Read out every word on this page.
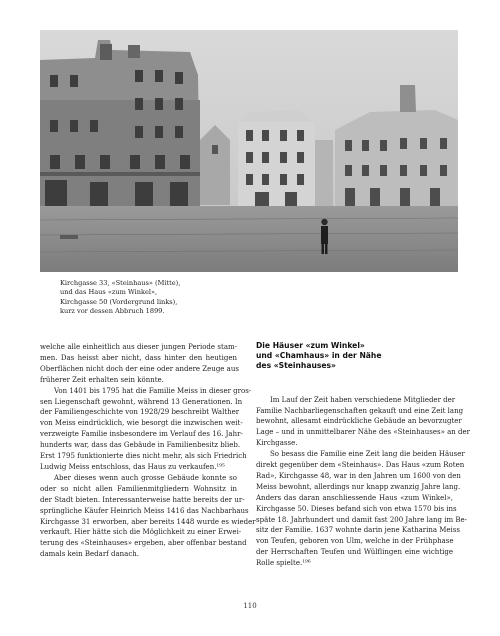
Kirchgasse 33, «Steinhaus» (Mitte),
und das Haus «zum Winkel»,
Kirchgasse 50 (Vordergrund links),
kurz vor dessen Abbruch 1899.
welche alle einheitlich aus dieser jungen Periode stam-
men. Das heisst aber nicht, dass hinter den heutigen
Oberflächen nicht doch der eine oder andere Zeuge aus
früherer Zeit erhalten sein könnte.
Von 1401 bis 1795 hat die Familie Meiss in dieser gros-
sen Liegenschaft gewohnt, während 13 Generationen. In
der Familiengeschichte von 1928/29 beschreibt Walther
von Meiss eindrücklich, wie besorgt die inzwischen weit-
verzweigte Familie insbesondere im Verlauf des 16. Jahr-
hunderts war, dass das Gebäude in Familienbesitz blieb.
Erst 1795 funktionierte dies nicht mehr, als sich Friedrich
Ludwig Meiss entschloss, das Haus zu verkaufen.¹⁹⁵
Aber dieses wenn auch grosse Gebäude konnte so
oder so nicht allen Familienmitgliedern Wohnsitz in
der Stadt bieten. Interessanterweise hatte bereits der ur-
sprüngliche Käufer Heinrich Meiss 1416 das Nachbarhaus
Kirchgasse 31 erworben, aber bereits 1448 wurde es wieder
verkauft. Hier hätte sich die Möglichkeit zu einer Erwei-
terung des «Steinhauses» ergeben, aber offenbar bestand
damals kein Bedarf danach.
Die Häuser «zum Winkel»
und «Chamhaus» in der Nähe
des «Steinhauses»
Im Lauf der Zeit haben verschiedene Mitglieder der
Familie Nachbarliegenschaften gekauft und eine Zeit lang
bewohnt, allesamt eindrückliche Gebäude an bevorzugter
Lage – und in unmittelbarer Nähe des «Steinhauses» an der
Kirchgasse.
So besass die Familie eine Zeit lang die beiden Häuser
direkt gegenüber dem «Steinhaus». Das Haus «zum Roten
Rad», Kirchgasse 48, war in den Jahren um 1600 von den
Meiss bewohnt, allerdings nur knapp zwanzig Jahre lang.
Anders das daran anschliessende Haus «zum Winkel»,
Kirchgasse 50. Dieses befand sich von etwa 1570 bis ins
späte 18. Jahrhundert und damit fast 200 Jahre lang im Be-
sitz der Familie. 1637 wohnte darin jene Katharina Meiss
von Teufen, geboren von Ulm, welche in der Frühphase
der Herrschaften Teufen und Wülflingen eine wichtige
Rolle spielte.¹⁹⁶
110
